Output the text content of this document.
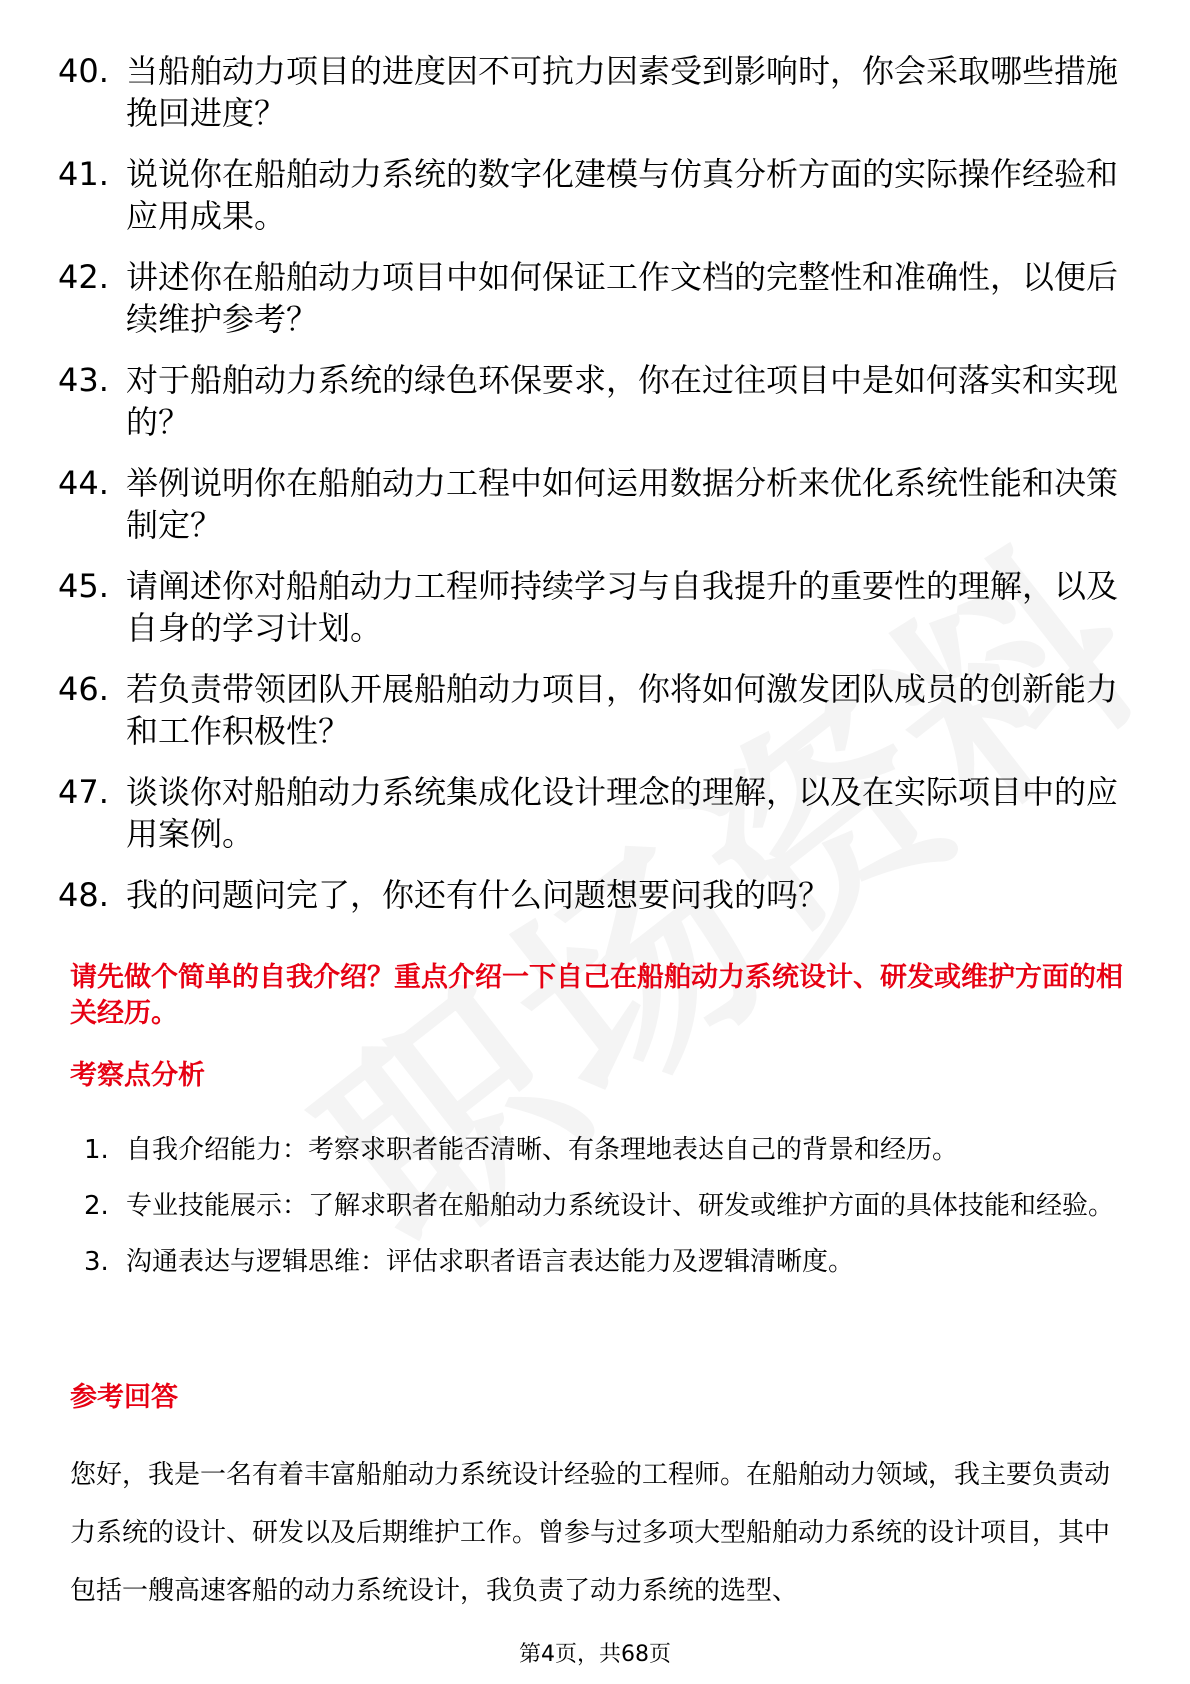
40. 当船舶动力项目的进度因不可抗力因素受到影响时，你会采取哪些措施挽回进度？
41. 说说你在船舶动力系统的数字化建模与仿真分析方面的实际操作经验和应用成果。
42. 讲述你在船舶动力项目中如何保证工作文档的完整性和准确性，以便后续维护参考？
43. 对于船舶动力系统的绿色环保要求，你在过往项目中是如何落实和实现的？
44. 举例说明你在船舶动力工程中如何运用数据分析来优化系统性能和决策制定？
45. 请阐述你对船舶动力工程师持续学习与自我提升的重要性的理解，以及自身的学习计划。
46. 若负责带领团队开展船舶动力项目，你将如何激发团队成员的创新能力和工作积极性？
47. 谈谈你对船舶动力系统集成化设计理念的理解，以及在实际项目中的应用案例。
48. 我的问题问完了，你还有什么问题想要问我的吗？
请先做个简单的自我介绍？重点介绍一下自己在船舶动力系统设计、研发或维护方面的相关经历。
考察点分析
1. 自我介绍能力：考察求职者能否清晰、有条理地表达自己的背景和经历。
2. 专业技能展示：了解求职者在船舶动力系统设计、研发或维护方面的具体技能和经验。
3. 沟通表达与逻辑思维：评估求职者语言表达能力及逻辑清晰度。
参考回答
您好，我是一名有着丰富船舶动力系统设计经验的工程师。在船舶动力领域，我主要负责动力系统的设计、研发以及后期维护工作。曾参与过多项大型船舶动力系统的设计项目，其中包括一艘高速客船的动力系统设计，我负责了动力系统的选型、
第4页，共68页
